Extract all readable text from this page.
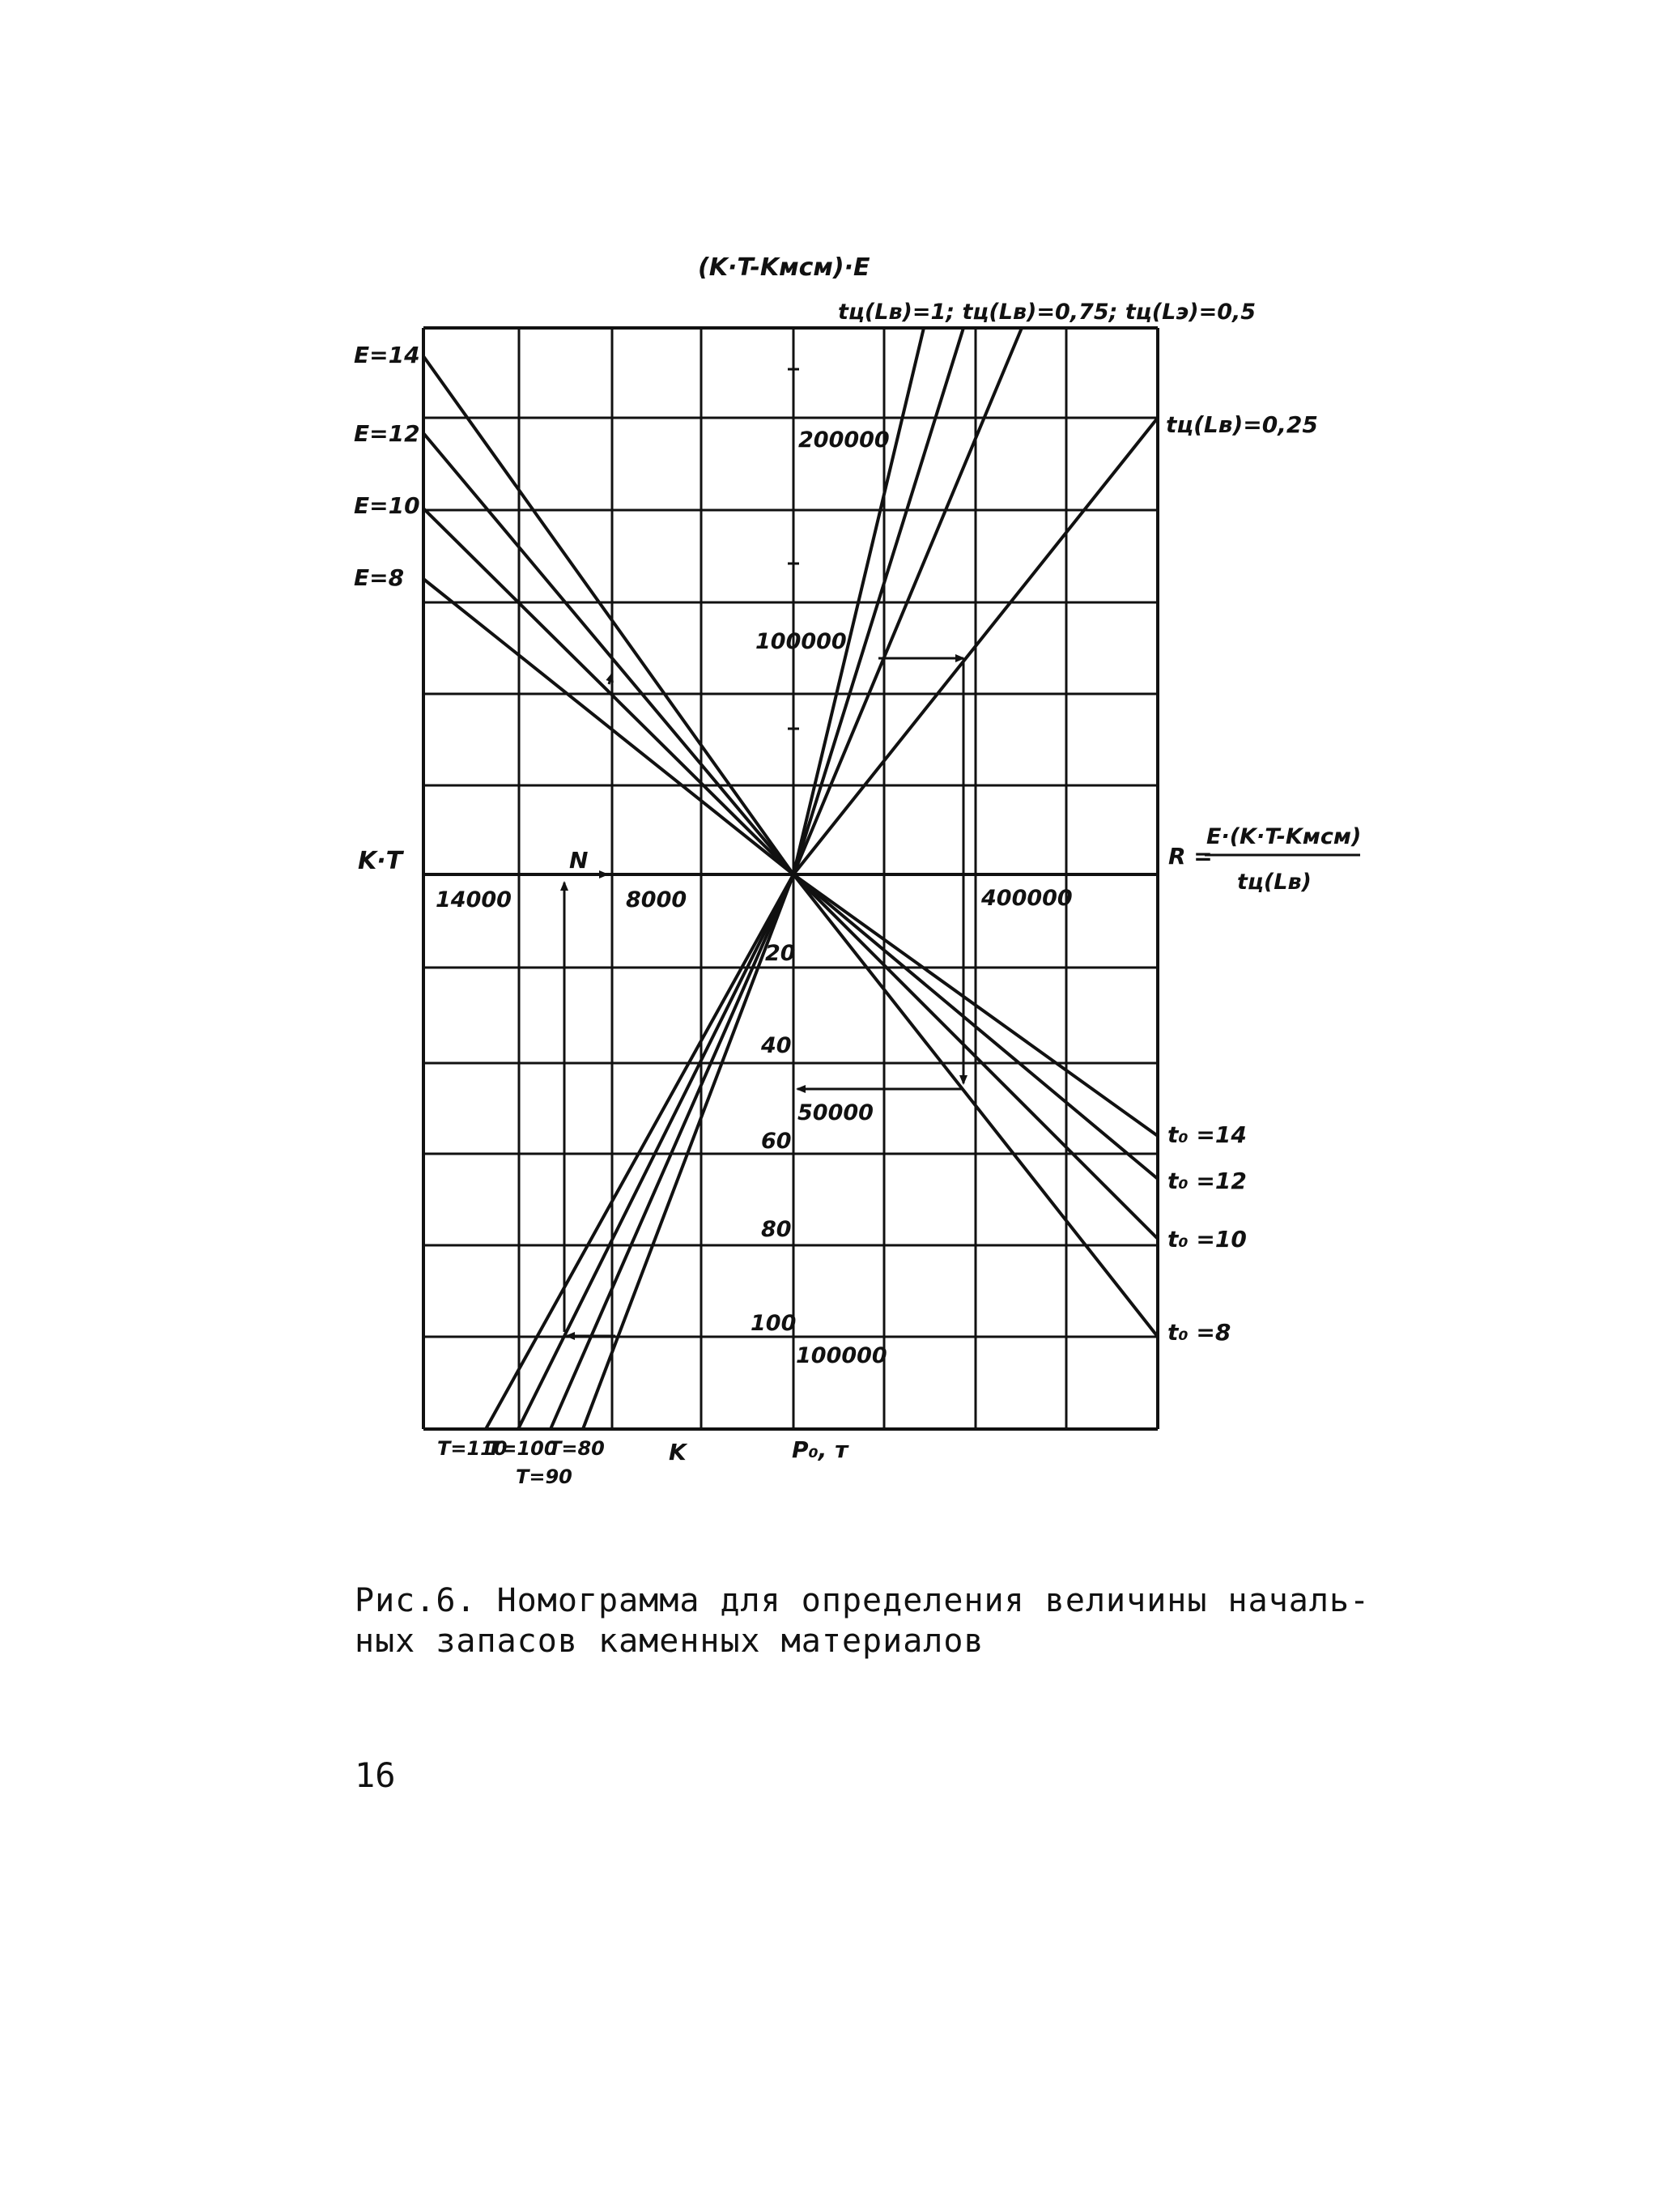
(K·T-Kмсм)·E
tц(Lв)=1; tц(Lв)=0,75; tц(Lэ)=0,5
tц(Lв)=0,25
E=14
E=12
E=10
E=8
K·T	N
14000	8000	400000
200000
100000
20
40
60
80
100
50000
100000
R =
E·(K·T-Kмсм)
tц(Lв)
t₀ =14
t₀ =12
t₀ =10
t₀ =8
T=110
T=100
T=80
T=90
K	P₀, т
Рис.6. Номограмма для определения величины началь-
ных запасов каменных материалов
16
